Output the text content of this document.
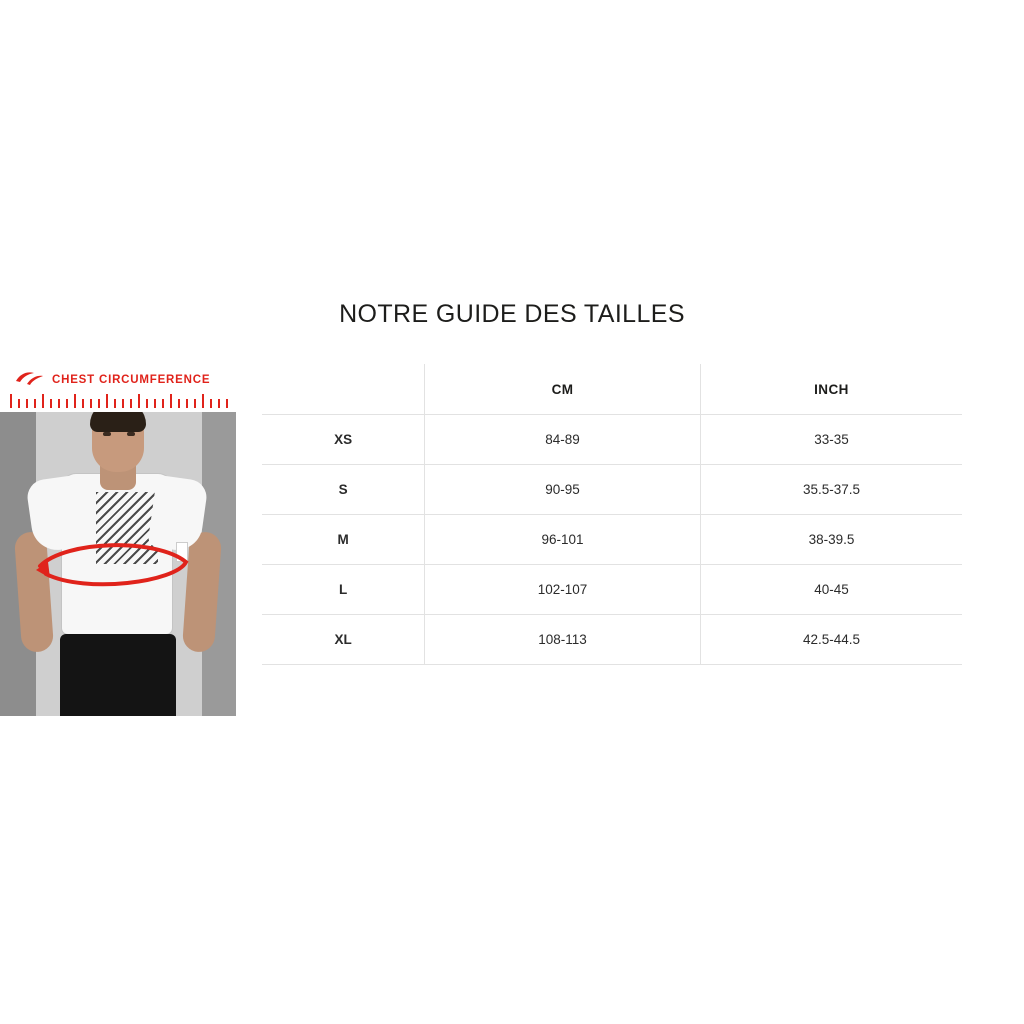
CHEST CIRCUMFERENCE
NOTRE GUIDE DES TAILLES
	CM	INCH
XS	84-89	33-35
S	90-95	35.5-37.5
M	96-101	38-39.5
L	102-107	40-45
XL	108-113	42.5-44.5
